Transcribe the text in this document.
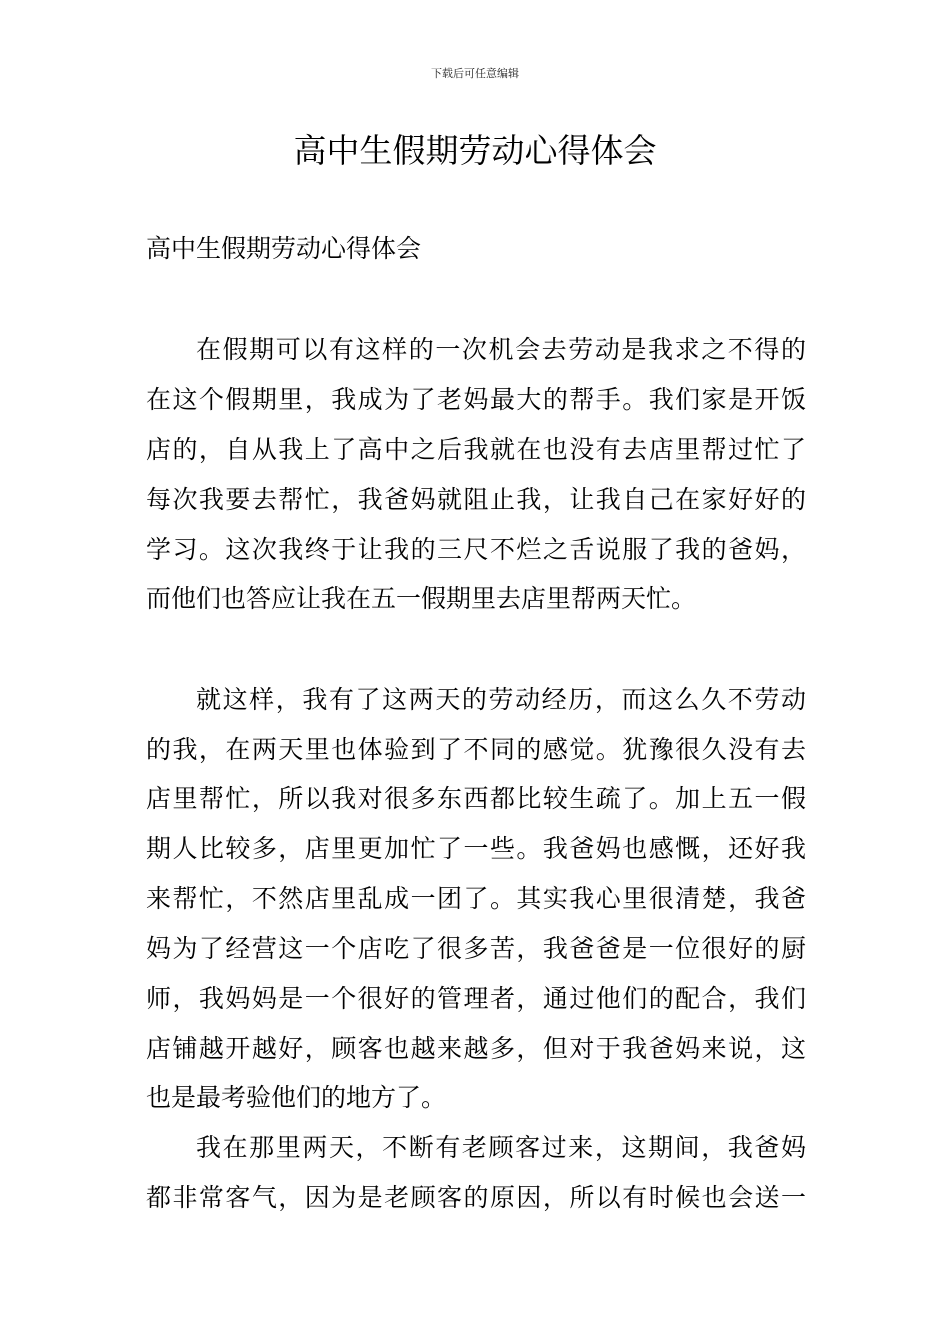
下载后可任意编辑
高中生假期劳动心得体会

高中生假期劳动心得体会

在假期可以有这样的一次机会去劳动是我求之不得的
在这个假期里，我成为了老妈最大的帮手。我们家是开饭
店的，自从我上了高中之后我就在也没有去店里帮过忙了
每次我要去帮忙，我爸妈就阻止我，让我自己在家好好的
学习。这次我终于让我的三尺不烂之舌说服了我的爸妈，
而他们也答应让我在五一假期里去店里帮两天忙。
就这样，我有了这两天的劳动经历，而这么久不劳动
的我，在两天里也体验到了不同的感觉。犹豫很久没有去
店里帮忙，所以我对很多东西都比较生疏了。加上五一假
期人比较多，店里更加忙了一些。我爸妈也感慨，还好我
来帮忙，不然店里乱成一团了。其实我心里很清楚，我爸
妈为了经营这一个店吃了很多苦，我爸爸是一位很好的厨
师，我妈妈是一个很好的管理者，通过他们的配合，我们
店铺越开越好，顾客也越来越多，但对于我爸妈来说，这
也是最考验他们的地方了。
我在那里两天，不断有老顾客过来，这期间，我爸妈
都非常客气，因为是老顾客的原因，所以有时候也会送一
